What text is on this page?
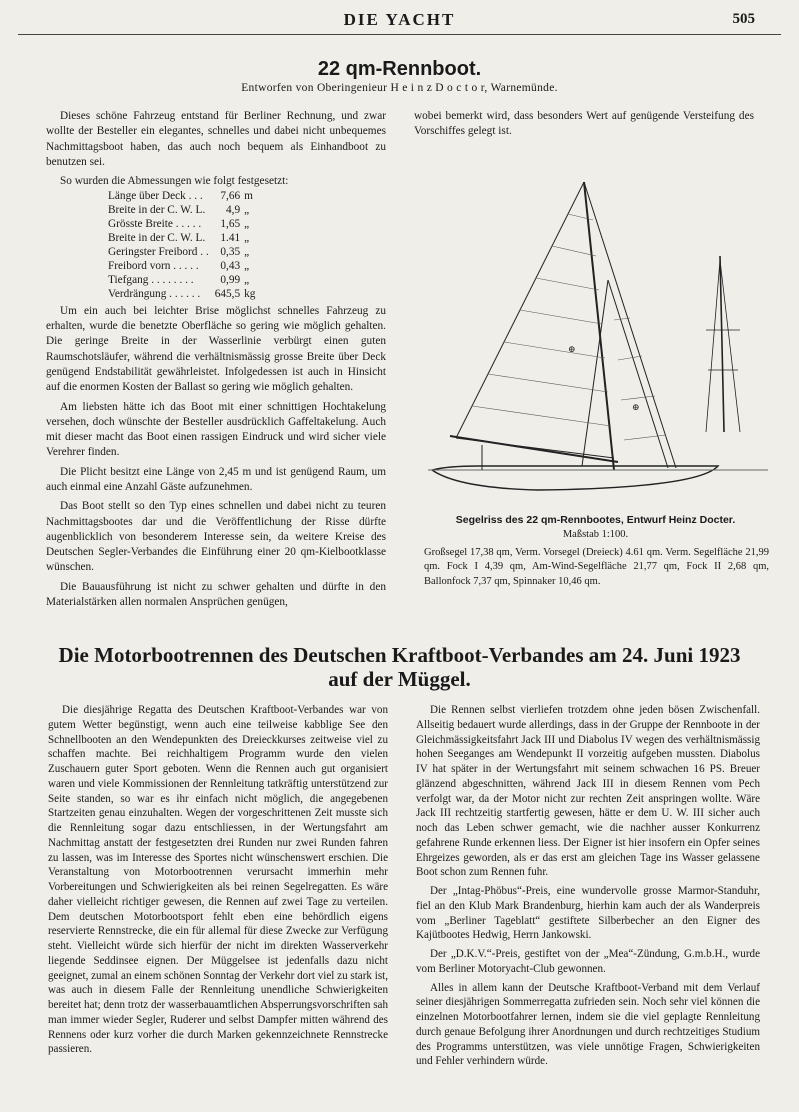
DIE YACHT	505
22 qm-Rennboot.
Entworfen von Oberingenieur H e i n z D o c t o r, Warnemünde.

Dieses schöne Fahrzeug entstand für Berliner Rechnung, und zwar wollte der Besteller ein elegantes, schnelles und dabei nicht unbequemes Nachmittagsboot haben, das auch noch bequem als Einhandboot zu benutzen sei.

So wurden die Abmessungen wie folgt festgesetzt:

Länge über Deck . . .	7,66	m
Breite in der C. W. L.	4,9	„
Grösste Breite . . . . .	1,65	„
Breite in der C. W. L.	1.41	„
Geringster Freibord . .	0,35	„
Freibord vorn . . . . .	0,43	„
Tiefgang . . . . . . . .	0,99	„
Verdrängung . . . . . .	645,5	kg

Um ein auch bei leichter Brise möglichst schnelles Fahrzeug zu erhalten, wurde die benetzte Oberfläche so gering wie möglich gehalten. Die geringe Breite in der Wasserlinie verbürgt einen guten Raumschotsläufer, während die verhältnismässig grosse Breite über Deck genügend Endstabilität gewährleistet. Infolgedessen ist auch in Hinsicht auf die enormen Kosten der Ballast so gering wie möglich gehalten.

Am liebsten hätte ich das Boot mit einer schnittigen Hochtakelung versehen, doch wünschte der Besteller ausdrücklich Gaffeltakelung. Auch mit dieser macht das Boot einen rassigen Eindruck und wird sicher viele Verehrer finden.

Die Plicht besitzt eine Länge von 2,45 m und ist genügend Raum, um auch einmal eine Anzahl Gäste aufzunehmen.

Das Boot stellt so den Typ eines schnellen und dabei nicht zu teuren Nachmittagsbootes dar und die Veröffentlichung der Risse dürfte augenblicklich von besonderem Interesse sein, da weitere Kreise des Deutschen Segler-Verbandes die Einführung einer 20 qm-Kielbootklasse wünschen.

Die Bauausführung ist nicht zu schwer gehalten und dürfte in den Materialstärken allen normalen Ansprüchen genügen,

wobei bemerkt wird, dass besonders Wert auf genügende Versteifung des Vorschiffes gelegt ist.

⊕
⊕
Segelriss des 22 qm-Rennbootes, Entwurf Heinz Docter.
Maßstab 1:100.
Großsegel 17,38 qm, Verm. Vorsegel (Dreieck) 4.61 qm. Verm. Segelfläche 21,99 qm. Fock I 4,39 qm, Am-Wind-Segelfläche 21,77 qm, Fock II 2,68 qm, Ballonfock 7,37 qm, Spinnaker 10,46 qm.
Die Motorbootrennen des Deutschen Kraftboot-Verbandes am 24. Juni 1923
auf der Müggel.

Die diesjährige Regatta des Deutschen Kraftboot-Verbandes war von gutem Wetter begünstigt, wenn auch eine teilweise kabblige See den Schnellbooten an den Wendepunkten des Dreieckkurses zeitweise viel zu schaffen machte. Bei reichhaltigem Programm wurde den vielen Zuschauern guter Sport geboten. Wenn die Rennen auch gut organisiert waren und viele Kommissionen der Rennleitung tatkräftig unterstützend zur Seite standen, so war es ihr einfach nicht möglich, die angegebenen Startzeiten genau einzuhalten. Wegen der vorgeschrittenen Zeit musste sich die Rennleitung sogar dazu entschliessen, in der Wertungsfahrt am Nachmittag anstatt der festgesetzten drei Runden nur zwei Runden fahren zu lassen, was im Interesse des Sportes nicht wünschenswert erschien. Die Veranstaltung von Motorbootrennen verursacht immerhin mehr Vorbereitungen und Schwierigkeiten als bei reinen Segelregatten. Es wäre daher vielleicht richtiger gewesen, die Rennen auf zwei Tage zu verteilen. Dem deutschen Motorbootsport fehlt eben eine behördlich eigens reservierte Rennstrecke, die ein für allemal für diese Zwecke zur Verfügung steht. Vielleicht würde sich hierfür der nicht im direkten Wasserverkehr liegende Seddinsee eignen. Der Müggelsee ist jedenfalls dazu nicht geeignet, zumal an einem schönen Sonntag der Verkehr dort viel zu stark ist, was auch in diesem Falle der Rennleitung unendliche Schwierigkeiten bereitet hat; denn trotz der wasserbauamtlichen Absperrungsvorschriften sah man immer wieder Segler, Ruderer und selbst Dampfer mitten während des Rennens oder kurz vorher die durch Marken gekennzeichnete Rennstrecke passieren.

Die Rennen selbst vierliefen trotzdem ohne jeden bösen Zwischenfall. Allseitig bedauert wurde allerdings, dass in der Gruppe der Rennboote in der Gleichmässigkeitsfahrt Jack III und Diabolus IV wegen des verhältnismässig hohen Seeganges am Wendepunkt II vorzeitig aufgeben mussten. Diabolus IV hat später in der Wertungsfahrt mit seinem schwachen 16 PS. Breuer glänzend abgeschnitten, während Jack III in diesem Rennen vom Pech verfolgt war, da der Motor nicht zur rechten Zeit anspringen wollte. Wäre Jack III rechtzeitig startfertig gewesen, hätte er dem U. W. III sicher auch noch das Leben schwer gemacht, wie die nachher ausser Konkurrenz gefahrene Runde erkennen liess. Der Eigner ist hier insofern ein Opfer seines Ehrgeizes geworden, als er das erst am gleichen Tage ins Wasser gelassene Boot schon zum Rennen fuhr.

Der „Intag-Phöbus“-Preis, eine wundervolle grosse Marmor-Standuhr, fiel an den Klub Mark Brandenburg, hierhin kam auch der als Wanderpreis vom „Berliner Tageblatt“ gestiftete Silberbecher an den Eigner des Kajütbootes Hedwig, Herrn Jankowski.

Der „D.K.V.“-Preis, gestiftet von der „Mea“-Zündung, G.m.b.H., wurde vom Berliner Motoryacht-Club gewonnen.

Alles in allem kann der Deutsche Kraftboot-Verband mit dem Verlauf seiner diesjährigen Sommerregatta zufrieden sein. Noch sehr viel können die einzelnen Motorbootfahrer lernen, indem sie die viel geplagte Rennleitung durch genaue Befolgung ihrer Anordnungen und durch rechtzeitiges Studium des Programms unterstützen, was viele unnötige Fragen, Schwierigkeiten und Fehler verhindern würde.
